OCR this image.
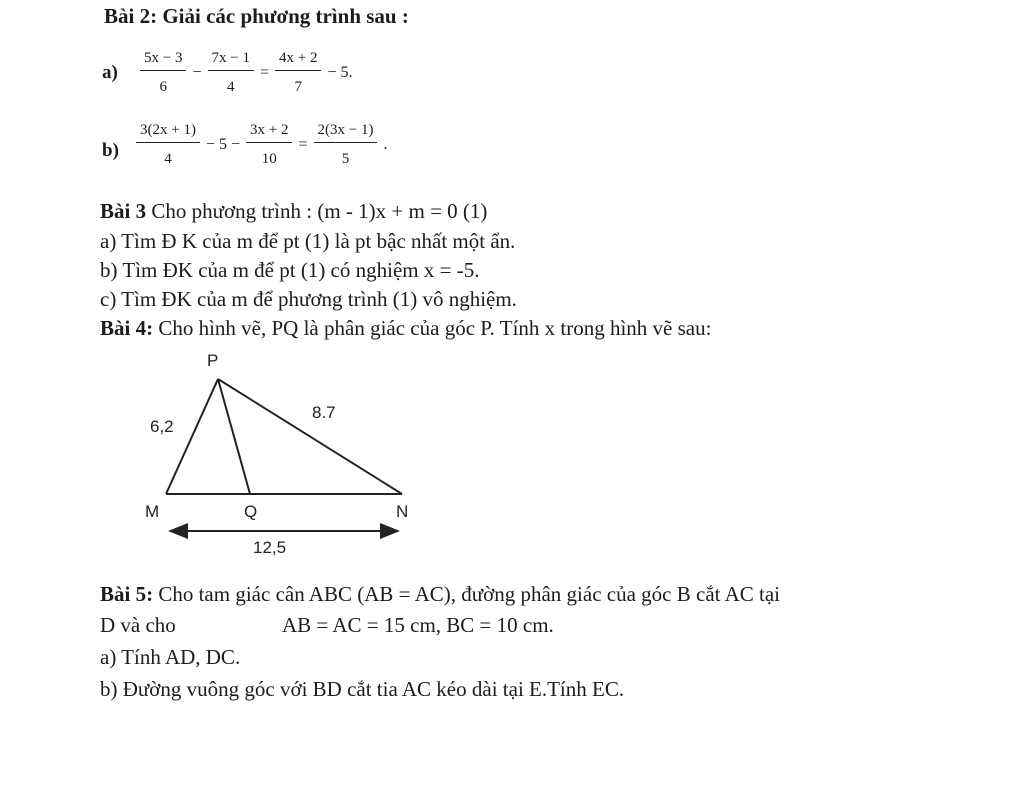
Bài 2: Giải các phương trình sau :
$a) \frac{5x - 3}{6} - \frac{7x - 1}{4} = \frac{4x + 2}{7} - 5$.
$b) \frac{3(2x + 1)}{4} - 5 - \frac{3x + 2}{10} = \frac{2(3x - 1)}{5}$ .
Bài 3 Cho phương trình : (m - 1)x + m = 0 (1)
a) Tìm Đ K của m để pt (1) là pt bậc nhất một ẩn.
b) Tìm ĐK của m để pt (1) có nghiệm x = -5.
c) Tìm ĐK của m để phương trình (1) vô nghiệm.
Bài 4: Cho hình vẽ, PQ là phân giác của góc P. Tính x trong hình vẽ sau:
P
M	Q	N
6,2
8.7
12,5
Bài 5: Cho tam giác cân ABC (AB = AC), đường phân giác của góc B cắt AC tại
D và cho	AB = AC = 15 cm, BC = 10 cm.
a) Tính AD, DC.
b) Đường vuông góc với BD cắt tia AC kéo dài tại E.Tính EC.
